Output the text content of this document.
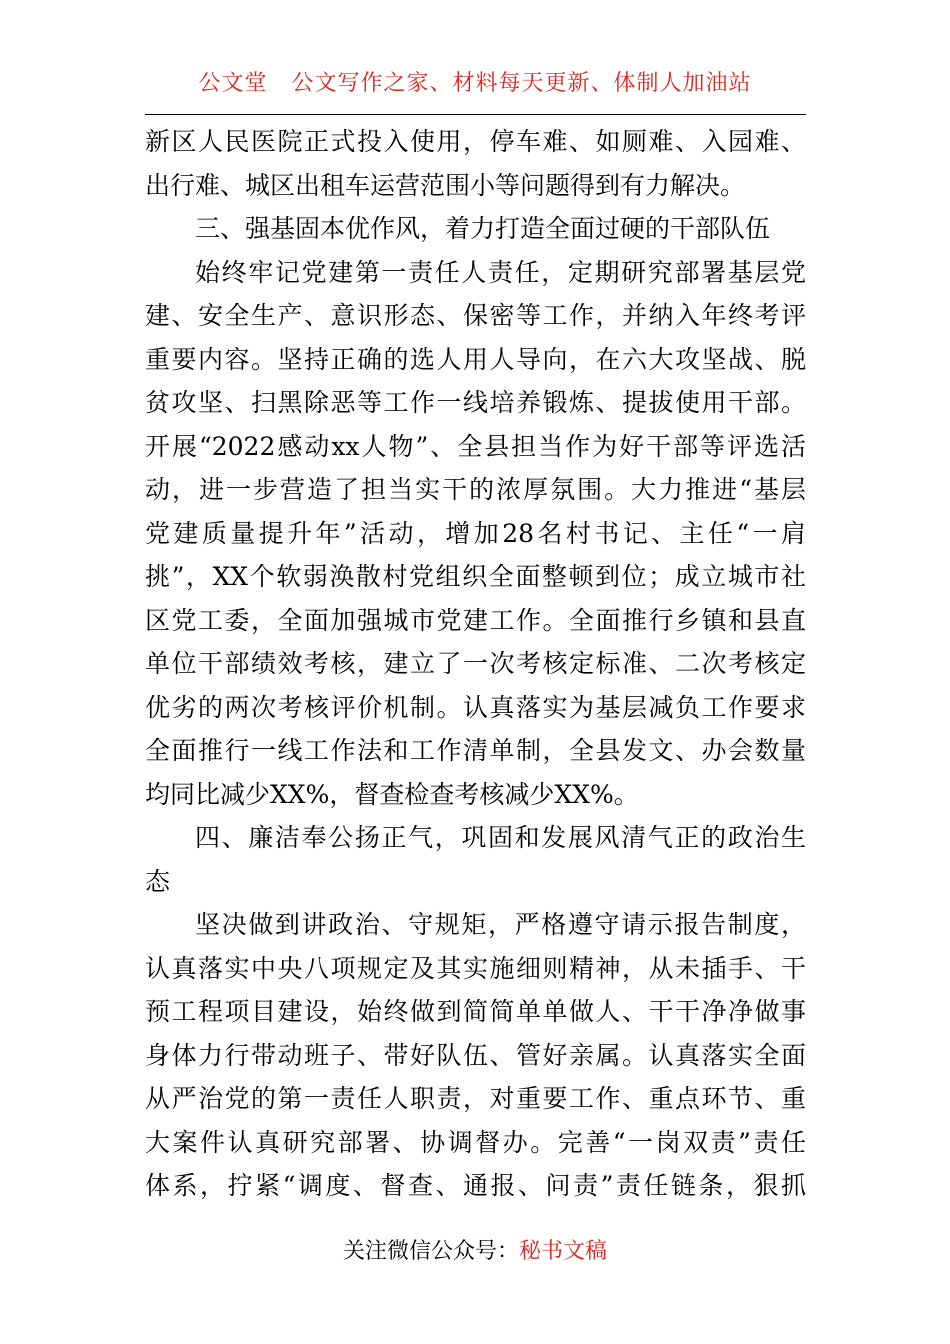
公文堂   公文写作之家、材料每天更新、体制人加油站
新区人民医院正式投入使用，停车难、如厕难、入园难、
出行难、城区出租车运营范围小等问题得到有力解决。
三、强基固本优作风，着力打造全面过硬的干部队伍
始终牢记党建第一责任人责任，定期研究部署基层党
建、安全生产、意识形态、保密等工作，并纳入年终考评
重要内容。坚持正确的选人用人导向，在六大攻坚战、脱
贫攻坚、扫黑除恶等工作一线培养锻炼、提拔使用干部。
开展“2022感动xx人物”、全县担当作为好干部等评选活
动，进一步营造了担当实干的浓厚氛围。大力推进“基层
党建质量提升年”活动，增加28名村书记、主任“一肩
挑”，XX个软弱涣散村党组织全面整顿到位；成立城市社
区党工委，全面加强城市党建工作。全面推行乡镇和县直
单位干部绩效考核，建立了一次考核定标准、二次考核定
优劣的两次考核评价机制。认真落实为基层减负工作要求
全面推行一线工作法和工作清单制，全县发文、办会数量
均同比减少XX%，督查检查考核减少XX%。
四、廉洁奉公扬正气，巩固和发展风清气正的政治生
态
坚决做到讲政治、守规矩，严格遵守请示报告制度，
认真落实中央八项规定及其实施细则精神，从未插手、干
预工程项目建设，始终做到简简单单做人、干干净净做事
身体力行带动班子、带好队伍、管好亲属。认真落实全面
从严治党的第一责任人职责，对重要工作、重点环节、重
大案件认真研究部署、协调督办。完善“一岗双责”责任
体系，拧紧“调度、督查、通报、问责”责任链条，狠抓
关注微信公众号：秘书文稿
